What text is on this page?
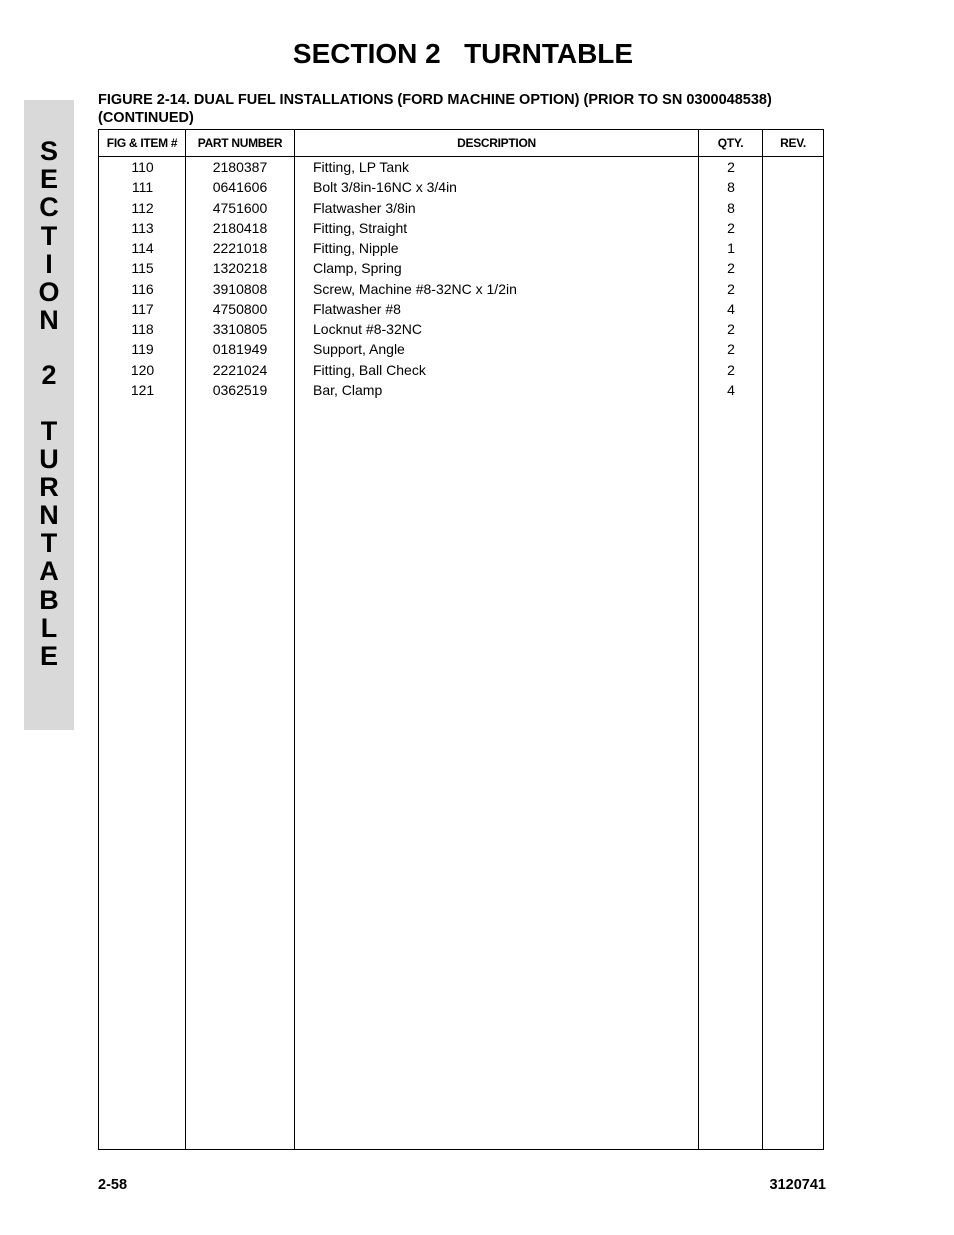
SECTION 2   TURNTABLE
S
E
C
T
I
O
N
2
T
U
R
N
T
A
B
L
E
FIGURE 2-14. DUAL FUEL INSTALLATIONS (FORD MACHINE OPTION) (PRIOR TO SN 0300048538) (CONTINUED)
FIG & ITEM #	PART NUMBER	DESCRIPTION	QTY.	REV.
110	2180387	Fitting, LP Tank	2
111	0641606	Bolt 3/8in-16NC x 3/4in	8
112	4751600	Flatwasher 3/8in	8
113	2180418	Fitting, Straight	2
114	2221018	Fitting, Nipple	1
115	1320218	Clamp, Spring	2
116	3910808	Screw, Machine #8-32NC x 1/2in	2
117	4750800	Flatwasher #8	4
118	3310805	Locknut #8-32NC	2
119	0181949	Support, Angle	2
120	2221024	Fitting, Ball Check	2
121	0362519	Bar, Clamp	4
2-58	3120741
